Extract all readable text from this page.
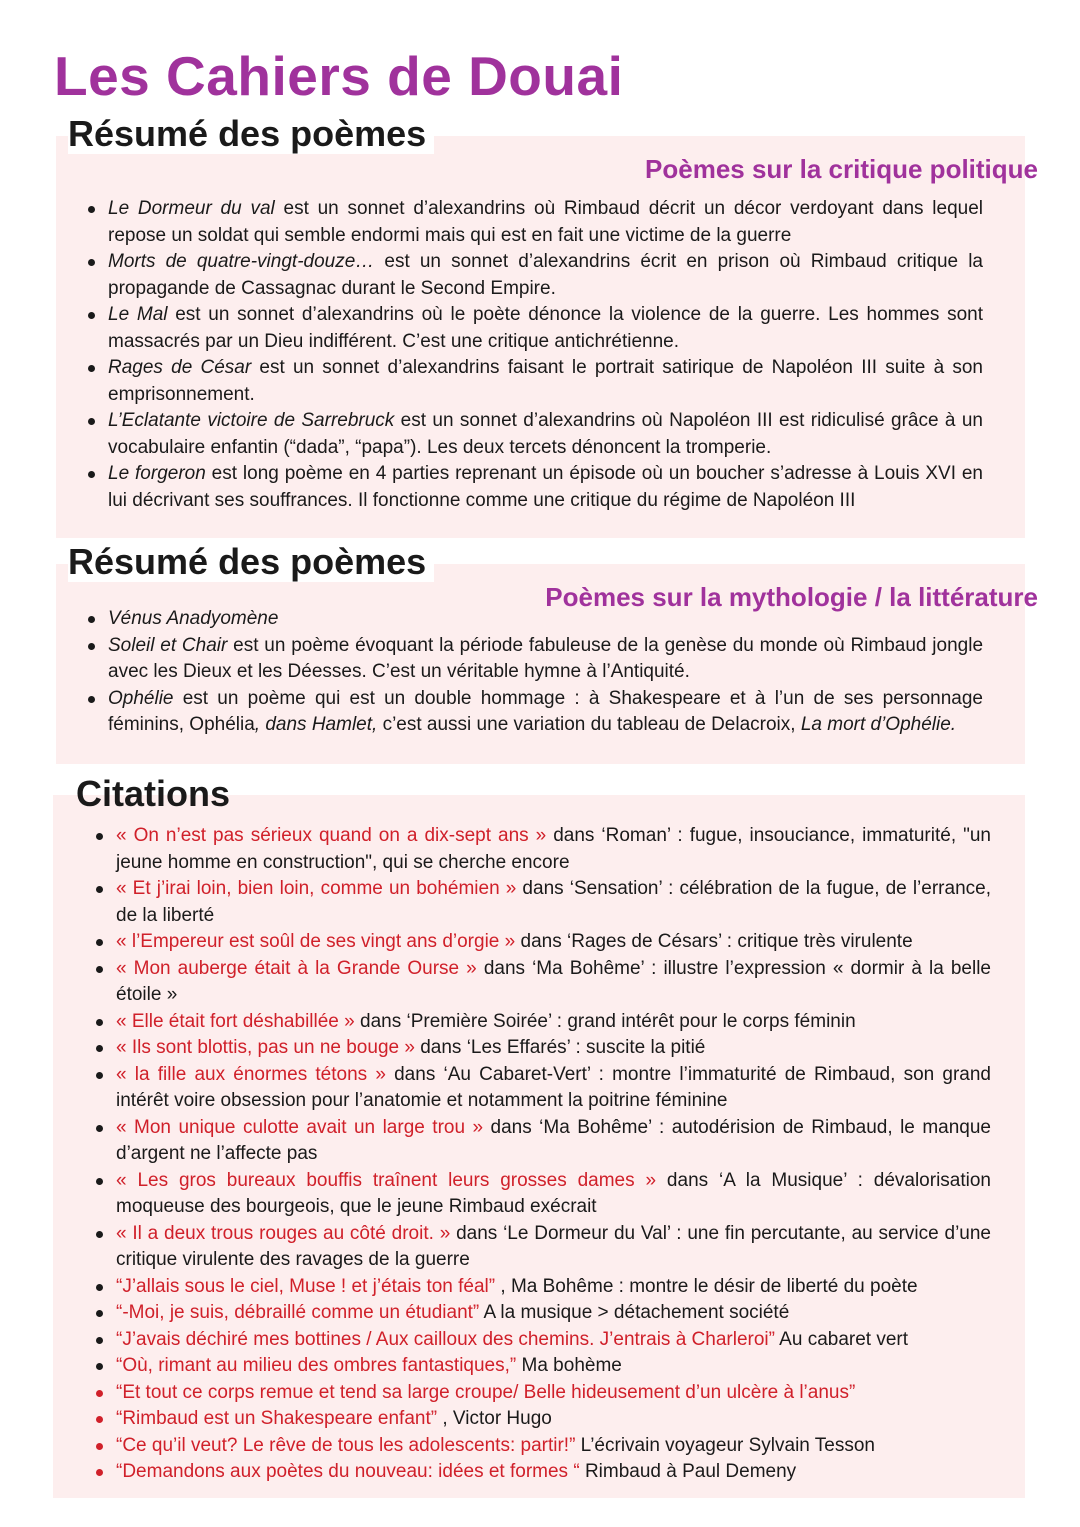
Les Cahiers de Douai
Résumé des poèmes
Poèmes sur la critique politique
Le Dormeur du val est un sonnet d’alexandrins où Rimbaud décrit un décor verdoyant dans lequel repose un soldat qui semble endormi mais qui est en fait une victime de la guerre
Morts de quatre-vingt-douze… est un sonnet d’alexandrins écrit en prison où Rimbaud critique la propagande de Cassagnac durant le Second Empire.
Le Mal est un sonnet d’alexandrins où le poète dénonce la violence de la guerre. Les hommes sont massacrés par un Dieu indifférent. C’est une critique antichrétienne.
Rages de César est un sonnet d’alexandrins faisant le portrait satirique de Napoléon III suite à son emprisonnement.
L’Eclatante victoire de Sarrebruck est un sonnet d’alexandrins où Napoléon III est ridiculisé grâce à un vocabulaire enfantin (“dada”, “papa”). Les deux tercets dénoncent la tromperie.
Le forgeron est long poème en 4 parties reprenant un épisode où un boucher s’adresse à Louis XVI en lui décrivant ses souffrances. Il fonctionne comme une critique du régime de Napoléon III
Résumé des poèmes
Poèmes sur la mythologie / la littérature
Vénus Anadyomène
Soleil et Chair est un poème évoquant la période fabuleuse de la genèse du monde où Rimbaud jongle avec les Dieux et les Déesses. C’est un véritable hymne à l’Antiquité.
Ophélie est un poème qui est un double hommage : à Shakespeare et à l’un de ses personnage féminins, Ophélia, dans Hamlet, c’est aussi une variation du tableau de Delacroix, La mort d’Ophélie.
Citations
« On n’est pas sérieux quand on a dix-sept ans » dans ‘Roman’ : fugue, insouciance, immaturité, "un jeune homme en construction", qui se cherche encore
« Et j’irai loin, bien loin, comme un bohémien » dans ‘Sensation’ : célébration de la fugue, de l’errance, de la liberté
« l’Empereur est soûl de ses vingt ans d’orgie » dans ‘Rages de Césars’ : critique très virulente
« Mon auberge était à la Grande Ourse » dans ‘Ma Bohême’ : illustre l’expression « dormir à la belle étoile »
« Elle était fort déshabillée » dans ‘Première Soirée’ : grand intérêt pour le corps féminin
« Ils sont blottis, pas un ne bouge » dans ‘Les Effarés’ : suscite la pitié
« la fille aux énormes tétons » dans ‘Au Cabaret-Vert’ : montre l’immaturité de Rimbaud, son grand intérêt voire obsession pour l’anatomie et notamment la poitrine féminine
« Mon unique culotte avait un large trou » dans ‘Ma Bohême’ : autodérision de Rimbaud, le manque d’argent ne l’affecte pas
« Les gros bureaux bouffis traînent leurs grosses dames » dans ‘A la Musique’ : dévalorisation moqueuse des bourgeois, que le jeune Rimbaud exécrait
« Il a deux trous rouges au côté droit. » dans ‘Le Dormeur du Val’ : une fin percutante, au service d’une critique virulente des ravages de la guerre
“J’allais sous le ciel, Muse ! et j’étais ton féal” , Ma Bohême : montre le désir de liberté du poète
“-Moi, je suis, débraillé comme un étudiant” A la musique > détachement société
“J’avais déchiré mes bottines / Aux cailloux des chemins. J’entrais à Charleroi” Au cabaret vert
“Où, rimant au milieu des ombres fantastiques,” Ma bohème
“Et tout ce corps remue et tend sa large croupe/ Belle hideusement d’un ulcère à l’anus”
“Rimbaud est un Shakespeare enfant” , Victor Hugo
“Ce qu’il veut? Le rêve de tous les adolescents: partir!” L’écrivain voyageur Sylvain Tesson
“Demandons aux poètes du nouveau: idées et formes “ Rimbaud à Paul Demeny
